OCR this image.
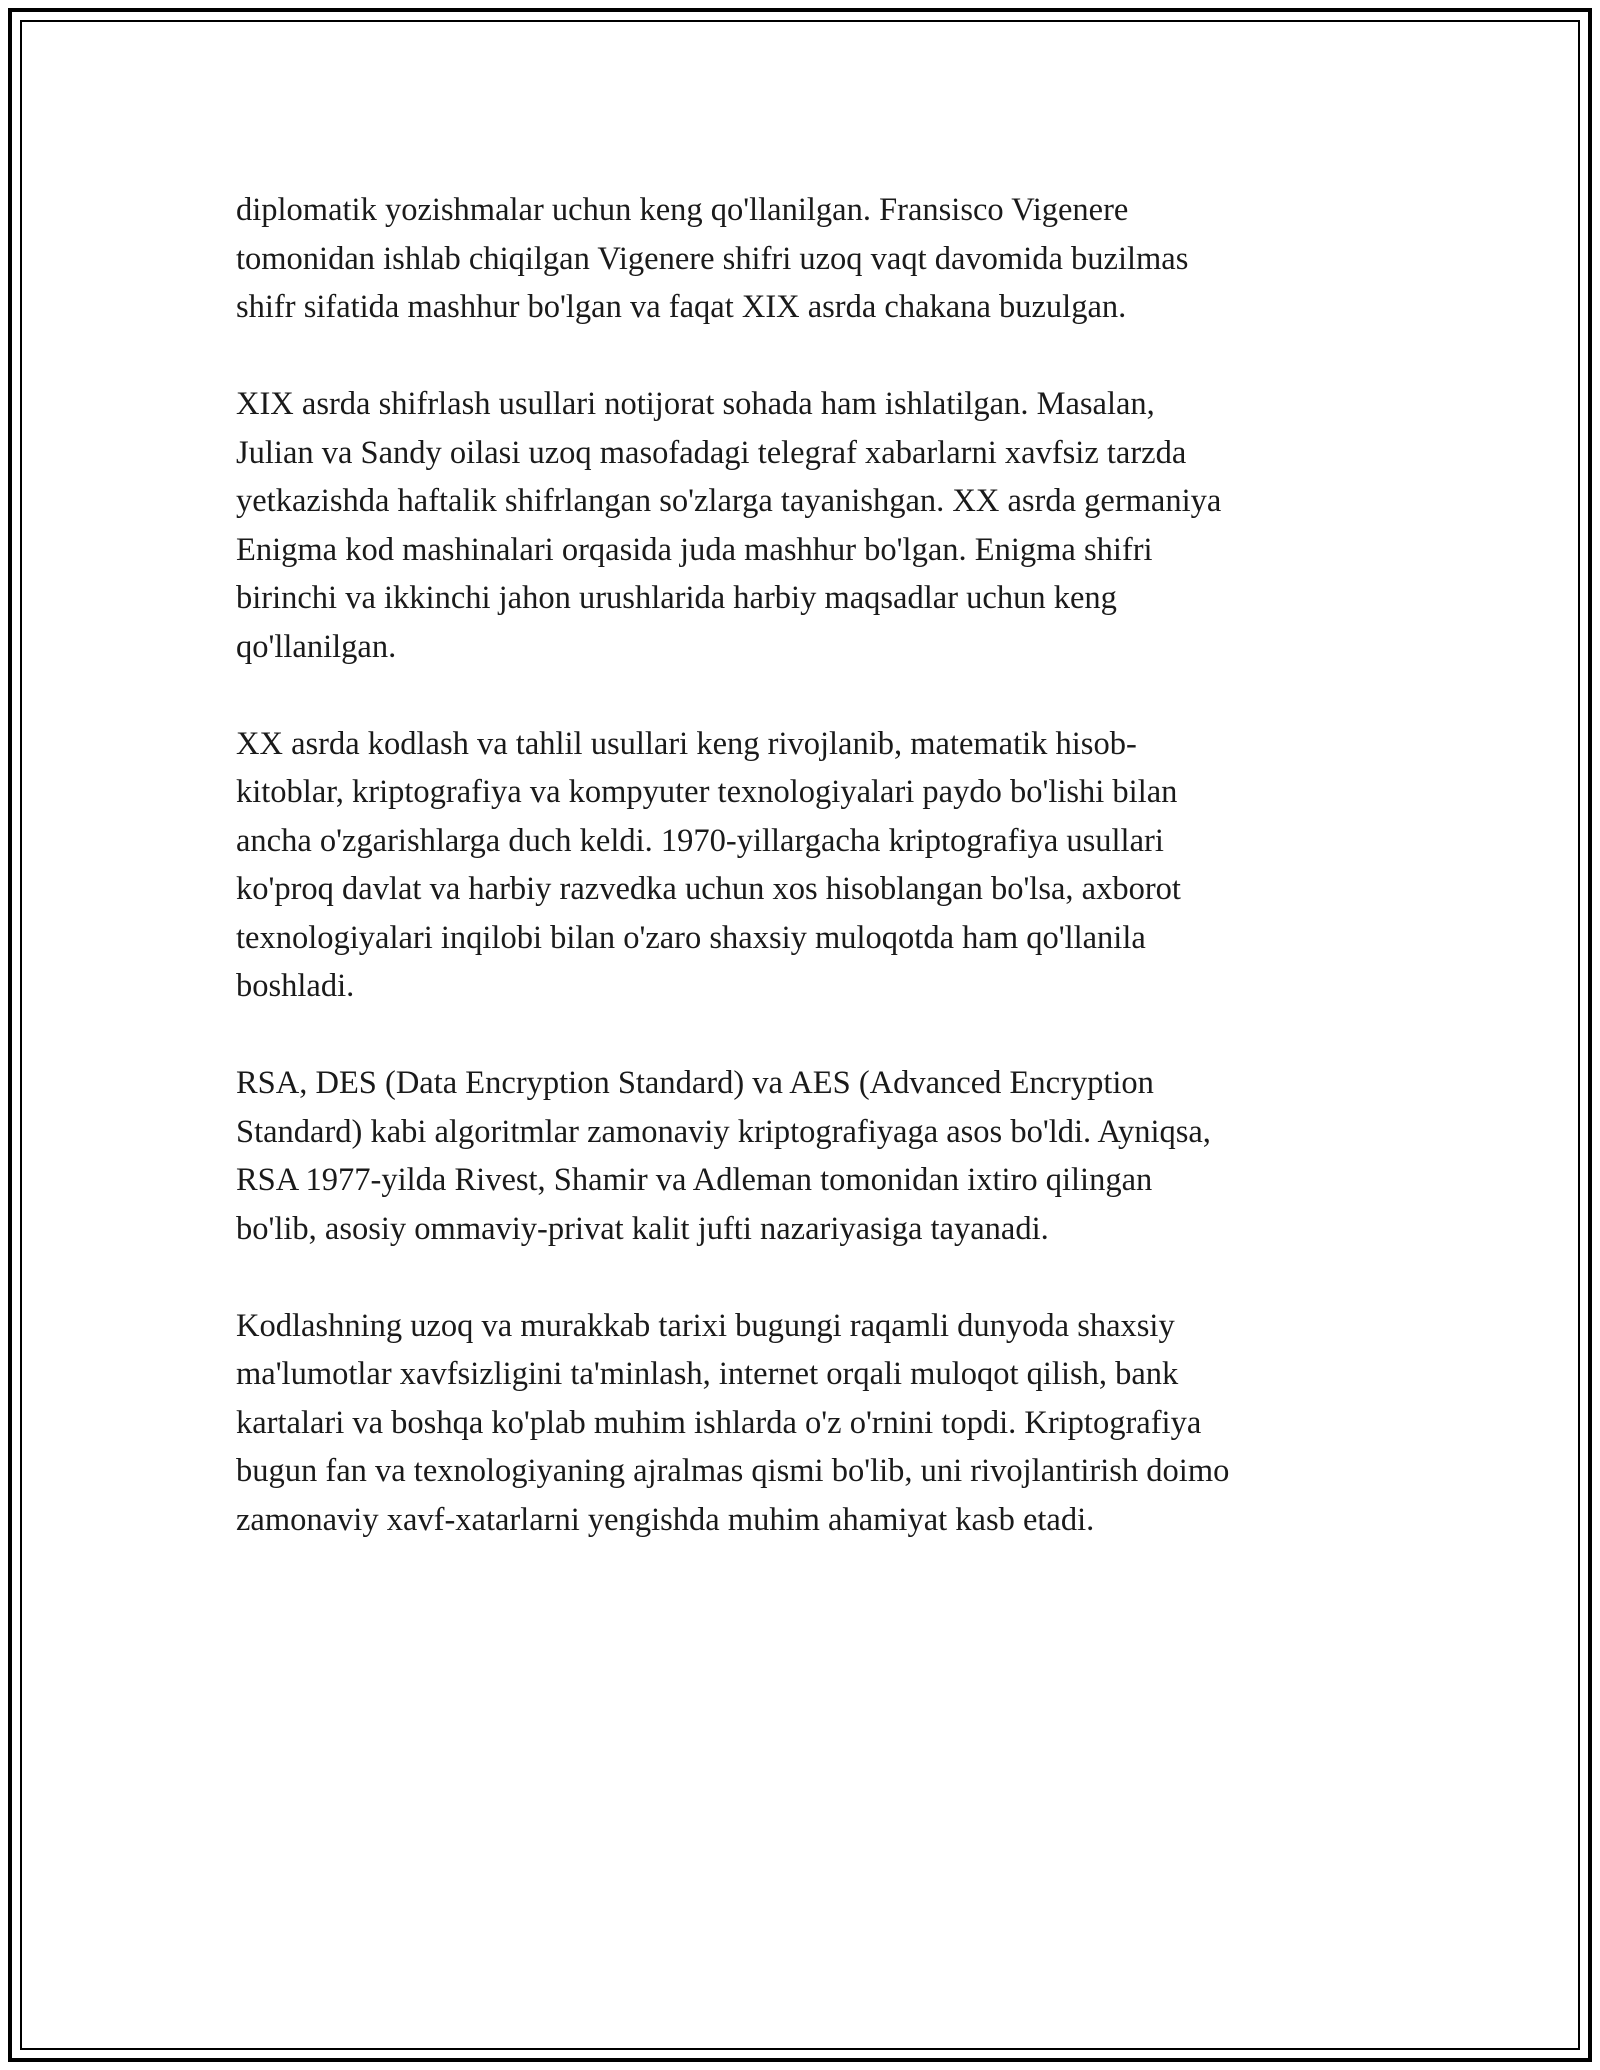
diplomatik yozishmalar uchun keng qo'llanilgan. Fransisco Vigenere
tomonidan ishlab chiqilgan Vigenere shifri uzoq vaqt davomida buzilmas
shifr sifatida mashhur bo'lgan va faqat XIX asrda chakana buzulgan.

XIX asrda shifrlash usullari notijorat sohada ham ishlatilgan. Masalan,
Julian va Sandy oilasi uzoq masofadagi telegraf xabarlarni xavfsiz tarzda
yetkazishda haftalik shifrlangan so'zlarga tayanishgan. XX asrda germaniya
Enigma kod mashinalari orqasida juda mashhur bo'lgan. Enigma shifri
birinchi va ikkinchi jahon urushlarida harbiy maqsadlar uchun keng
qo'llanilgan.

XX asrda kodlash va tahlil usullari keng rivojlanib, matematik hisob-
kitoblar, kriptografiya va kompyuter texnologiyalari paydo bo'lishi bilan
ancha o'zgarishlarga duch keldi. 1970-yillargacha kriptografiya usullari
ko'proq davlat va harbiy razvedka uchun xos hisoblangan bo'lsa, axborot
texnologiyalari inqilobi bilan o'zaro shaxsiy muloqotda ham qo'llanila
boshladi.

RSA, DES (Data Encryption Standard) va AES (Advanced Encryption
Standard) kabi algoritmlar zamonaviy kriptografiyaga asos bo'ldi. Ayniqsa,
RSA 1977-yilda Rivest, Shamir va Adleman tomonidan ixtiro qilingan
bo'lib, asosiy ommaviy-privat kalit jufti nazariyasiga tayanadi.

Kodlashning uzoq va murakkab tarixi bugungi raqamli dunyoda shaxsiy
ma'lumotlar xavfsizligini ta'minlash, internet orqali muloqot qilish, bank
kartalari va boshqa ko'plab muhim ishlarda o'z o'rnini topdi. Kriptografiya
bugun fan va texnologiyaning ajralmas qismi bo'lib, uni rivojlantirish doimo
zamonaviy xavf-xatarlarni yengishda muhim ahamiyat kasb etadi.
